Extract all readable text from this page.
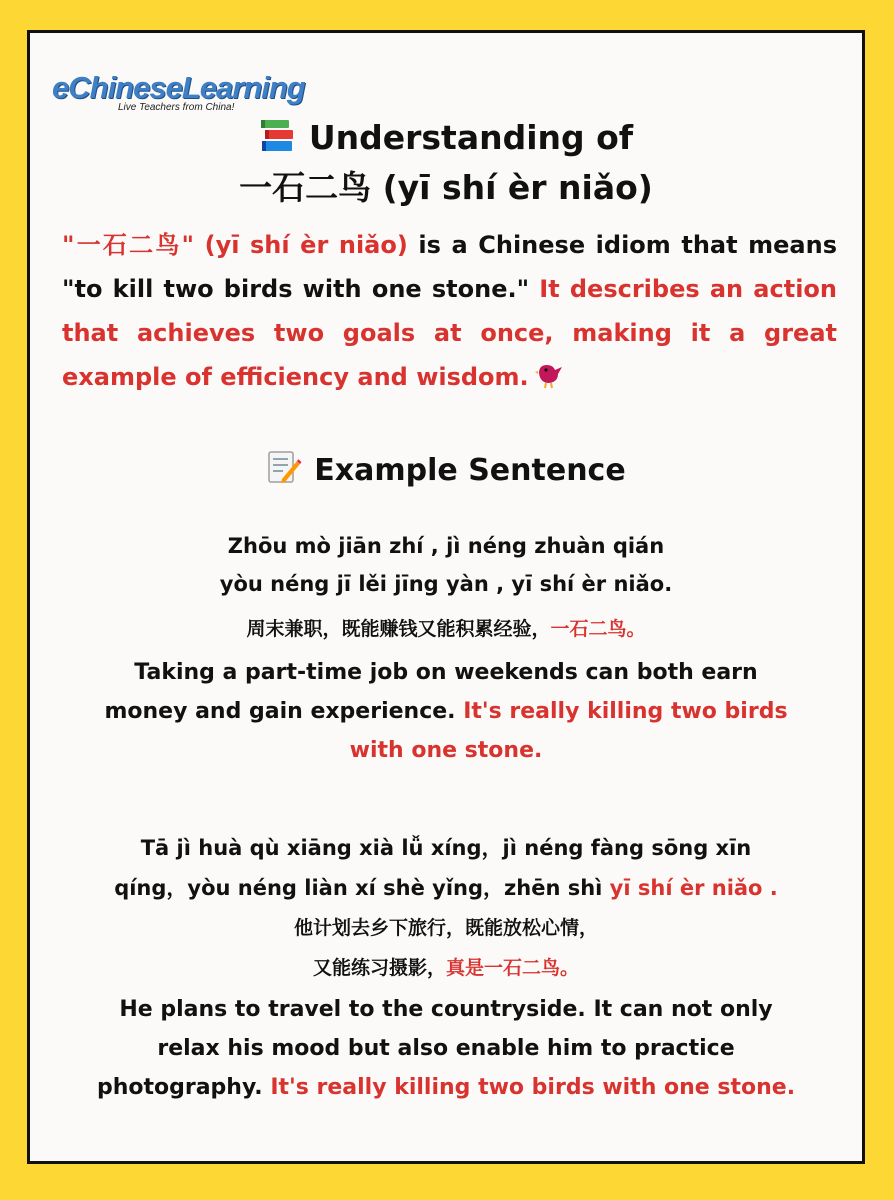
eChineseLearning
Live Teachers from China!
Understanding of
一石二鸟 (yī shí èr niǎo)
"一石二鸟" (yī shí èr niǎo) is a Chinese idiom that means "to kill two birds with one stone." It describes an action that achieves two goals at once, making it a great example of efficiency and wisdom.
Example Sentence
Zhōu mò jiān zhí , jì néng zhuàn qián
yòu néng jī lěi jīng yàn , yī shí èr niǎo.
周末兼职，既能赚钱又能积累经验，一石二鸟。
Taking a part-time job on weekends can both earn
money and gain experience. It's really killing two birds
with one stone.
Tā jì huà qù xiāng xià lǚ xíng，jì néng fàng sōng xīn
qíng，yòu néng liàn xí shè yǐng，zhēn shì yī shí èr niǎo .
他计划去乡下旅行，既能放松心情，
又能练习摄影，真是一石二鸟。
He plans to travel to the countryside. It can not only
relax his mood but also enable him to practice
photography. It's really killing two birds with one stone.
